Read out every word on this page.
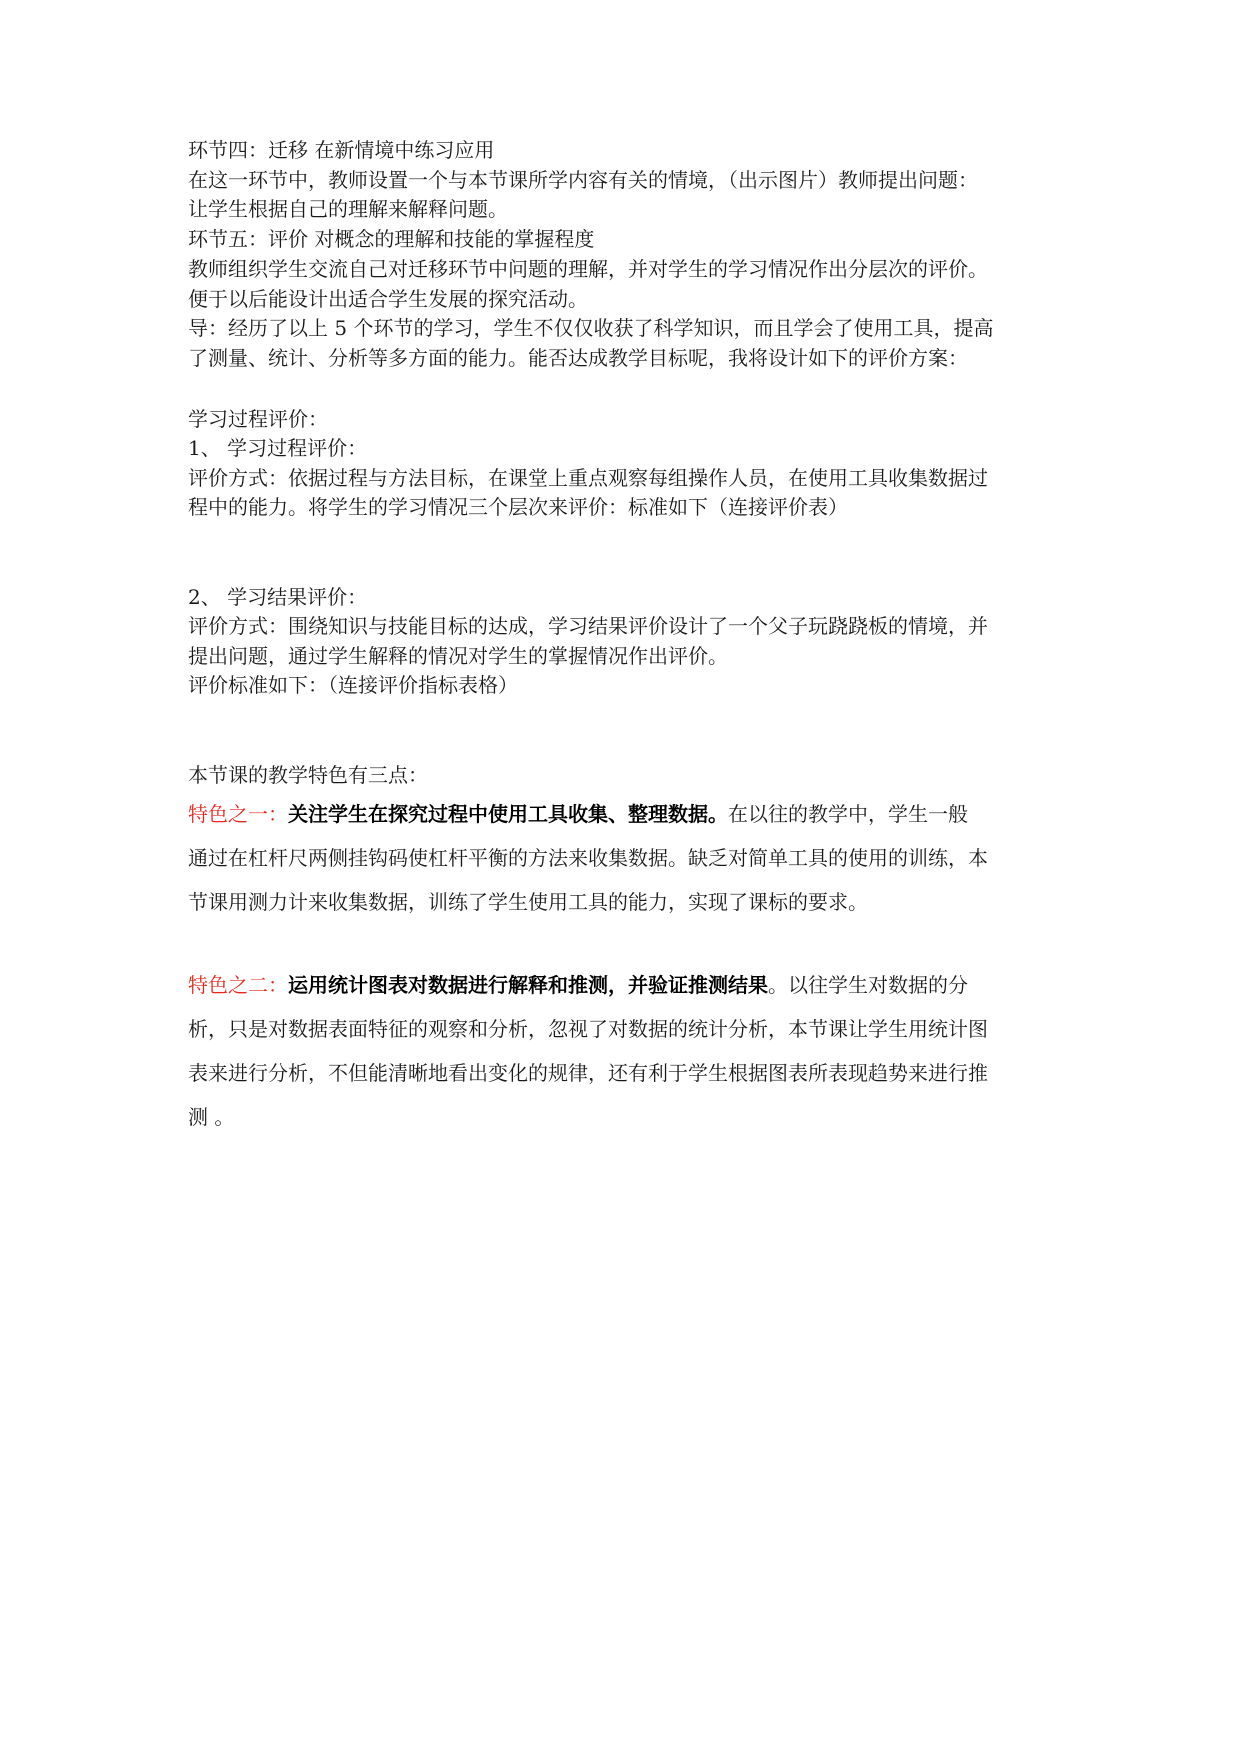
环节四：迁移 在新情境中练习应用
在这一环节中，教师设置一个与本节课所学内容有关的情境，（出示图片）教师提出问题：
让学生根据自己的理解来解释问题。
环节五：评价 对概念的理解和技能的掌握程度
教师组织学生交流自己对迁移环节中问题的理解，并对学生的学习情况作出分层次的评价。
便于以后能设计出适合学生发展的探究活动。
导：经历了以上 5 个环节的学习，学生不仅仅收获了科学知识，而且学会了使用工具，提高
了测量、统计、分析等多方面的能力。能否达成教学目标呢，我将设计如下的评价方案：
学习过程评价：
1、 学习过程评价：
评价方式：依据过程与方法目标，在课堂上重点观察每组操作人员，在使用工具收集数据过
程中的能力。将学生的学习情况三个层次来评价：标准如下（连接评价表）
2、 学习结果评价：
评价方式：围绕知识与技能目标的达成，学习结果评价设计了一个父子玩跷跷板的情境，并
提出问题，通过学生解释的情况对学生的掌握情况作出评价。
评价标准如下：（连接评价指标表格）
本节课的教学特色有三点：
特色之一：关注学生在探究过程中使用工具收集、整理数据。在以往的教学中，学生一般
通过在杠杆尺两侧挂钩码使杠杆平衡的方法来收集数据。缺乏对简单工具的使用的训练，本
节课用测力计来收集数据，训练了学生使用工具的能力，实现了课标的要求。
特色之二：运用统计图表对数据进行解释和推测，并验证推测结果。以往学生对数据的分
析，只是对数据表面特征的观察和分析，忽视了对数据的统计分析，本节课让学生用统计图
表来进行分析，不但能清晰地看出变化的规律，还有利于学生根据图表所表现趋势来进行推
测 。
